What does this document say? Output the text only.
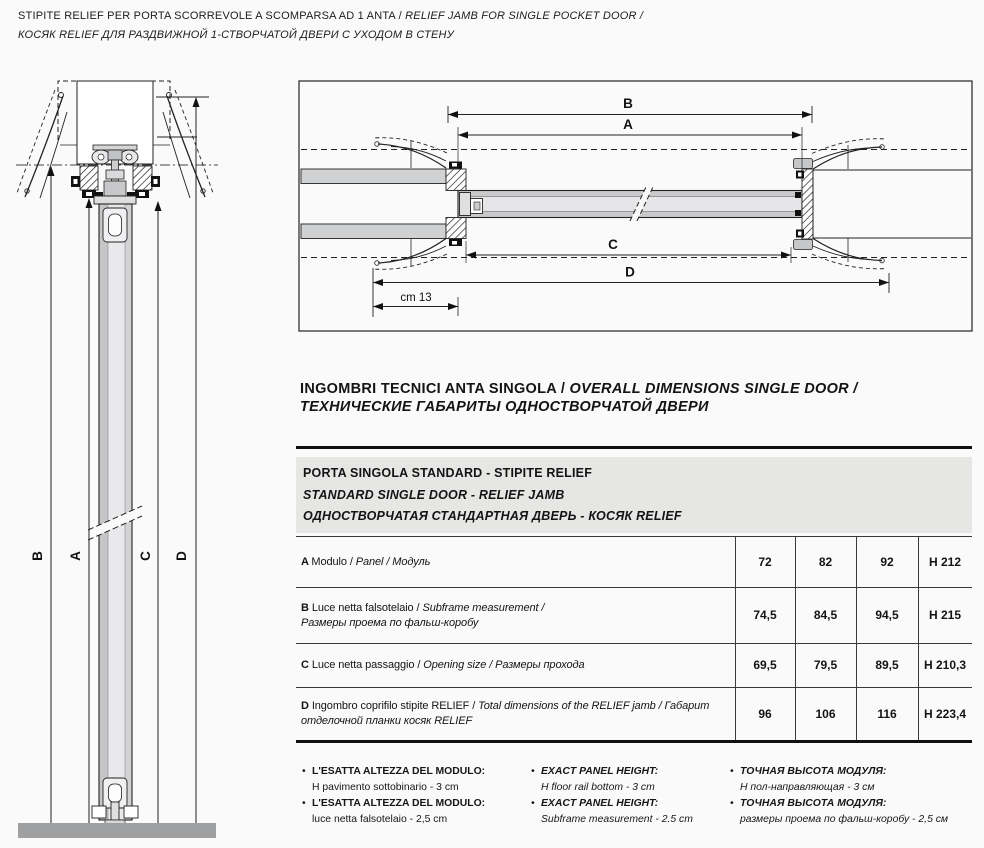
STIPITE RELIEF PER PORTA SCORREVOLE A SCOMPARSA AD 1 ANTA / RELIEF JAMB FOR SINGLE POCKET DOOR /
КОСЯК RELIEF ДЛЯ РАЗДВИЖНОЙ 1-СТВОРЧАТОЙ ДВЕРИ С УХОДОМ В СТЕНУ
B A	C D
B
A
C
D
cm 13
INGOMBRI TECNICI ANTA SINGOLA / OVERALL DIMENSIONS SINGLE DOOR /
ТЕХНИЧЕСКИЕ ГАБАРИТЫ ОДНОСТВОРЧАТОЙ ДВЕРИ
PORTA SINGOLA STANDARD - STIPITE RELIEF
STANDARD SINGLE DOOR - RELIEF JAMB
ОДНОСТВОРЧАТАЯ СТАНДАРТНАЯ ДВЕРЬ - КОСЯК RELIEF
A Modulo / Panel / Модуль	72	82	92	H 212
B Luce netta falsotelaio / Subframe measurement /
Размеры проема по фальш-коробу
74,5	84,5	94,5	H 215
C Luce netta passaggio / Opening size / Размеры прохода	69,5	79,5	89,5	H 210,3
D Ingombro coprifilo stipite RELIEF / Total dimensions of the RELIEF jamb / Габарит
отделочной планки косяк RELIEF	96	106	116	H 223,4
• L'ESATTA ALTEZZA DEL MODULO:
H pavimento sottobinario - 3 cm
• L'ESATTA ALTEZZA DEL MODULO:
luce netta falsotelaio - 2,5 cm
• EXACT PANEL HEIGHT:
H floor rail bottom - 3 cm
• EXACT PANEL HEIGHT:
Subframe measurement - 2.5 cm
• ТОЧНАЯ ВЫСОТА МОДУЛЯ:
Н пол-направляющая - 3 см
• ТОЧНАЯ ВЫСОТА МОДУЛЯ:
размеры проема по фальш-коробу - 2,5 см
